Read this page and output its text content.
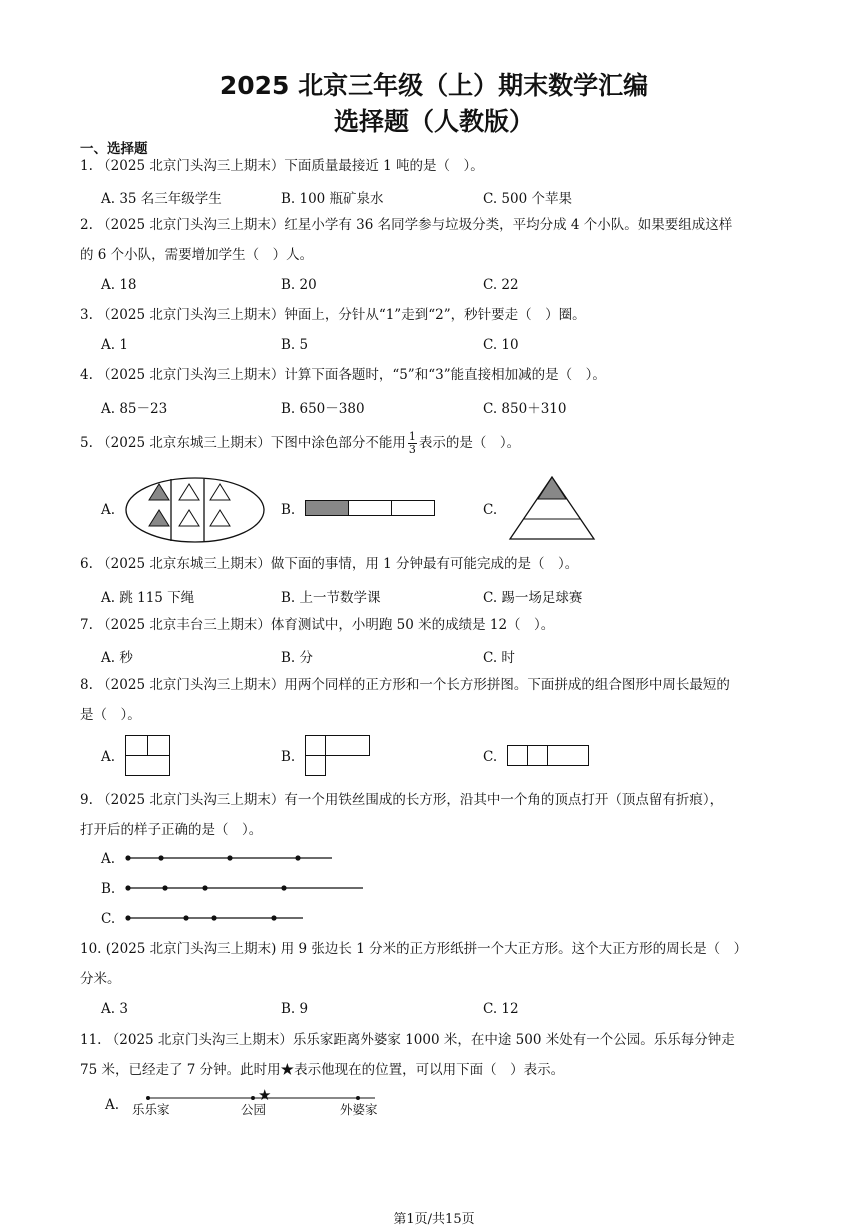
2025 北京三年级（上）期末数学汇编
选择题（人教版）
一、选择题
1. （2025 北京门头沟三上期末）下面质量最接近 1 吨的是（　）。
A. 35 名三年级学生	B. 100 瓶矿泉水	C. 500 个苹果
2. （2025 北京门头沟三上期末）红星小学有 36 名同学参与垃圾分类，平均分成 4 个小队。如果要组成这样
的 6 个小队，需要增加学生（　）人。
A. 18	B. 20	C. 22
3. （2025 北京门头沟三上期末）钟面上，分针从“1”走到“2”，秒针要走（　）圈。
A. 1	B. 5	C. 10
4. （2025 北京门头沟三上期末）计算下面各题时，“5”和“3”能直接相加减的是（　）。
A. 85－23	B. 650－380	C. 850＋310
5. （2025 北京东城三上期末）下图中涂色部分不能用 $\frac{1}{3}$ 表示的是（　）。
A.	B.	C.
6. （2025 北京东城三上期末）做下面的事情，用 1 分钟最有可能完成的是（　）。
A. 跳 115 下绳	B. 上一节数学课	C. 踢一场足球赛
7. （2025 北京丰台三上期末）体育测试中，小明跑 50 米的成绩是 12（　）。
A. 秒	B. 分	C. 时
8. （2025 北京门头沟三上期末）用两个同样的正方形和一个长方形拼图。下面拼成的组合图形中周长最短的
是（　）。
A.	B.	C.
9. （2025 北京门头沟三上期末）有一个用铁丝围成的长方形，沿其中一个角的顶点打开（顶点留有折痕），
打开后的样子正确的是（　）。
A.
B.
C.
10. (2025 北京门头沟三上期末) 用 9 张边长 1 分米的正方形纸拼一个大正方形。这个大正方形的周长是（　）
分米。
A. 3	B. 9	C. 12
11. （2025 北京门头沟三上期末）乐乐家距离外婆家 1000 米，在中途 500 米处有一个公园。乐乐每分钟走
75 米，已经走了 7 分钟。此时用★表示他现在的位置，可以用下面（　）表示。
A.
★
乐乐家	公园	外婆家
第1页/共15页
